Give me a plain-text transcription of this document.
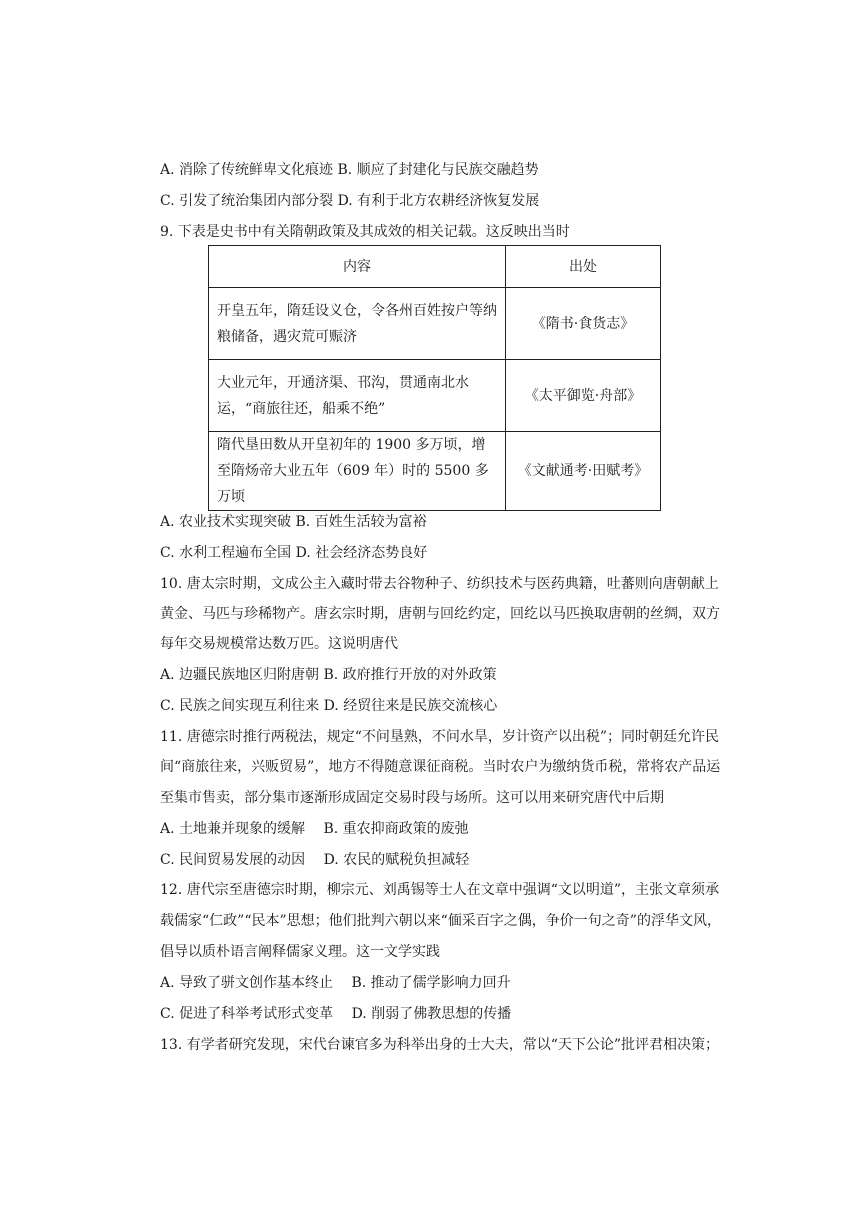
A. 消除了传统鲜卑文化痕迹 B. 顺应了封建化与民族交融趋势
C. 引发了统治集团内部分裂 D. 有利于北方农耕经济恢复发展
9. 下表是史书中有关隋朝政策及其成效的相关记载。这反映出当时
内容	出处
开皇五年，隋廷设义仓，令各州百姓按户等纳粮储备，遇灾荒可赈济	《隋书·食货志》
大业元年，开通济渠、邗沟，贯通南北水运，“商旅往还，船乘不绝”	《太平御览·舟部》
隋代垦田数从开皇初年的 1900 多万顷，增至隋炀帝大业五年（609 年）时的 5500 多万顷	《文献通考·田赋考》
A. 农业技术实现突破 B. 百姓生活较为富裕
C. 水利工程遍布全国 D. 社会经济态势良好
10. 唐太宗时期，文成公主入藏时带去谷物种子、纺织技术与医药典籍，吐蕃则向唐朝献上
黄金、马匹与珍稀物产。唐玄宗时期，唐朝与回纥约定，回纥以马匹换取唐朝的丝绸，双方
每年交易规模常达数万匹。这说明唐代
A. 边疆民族地区归附唐朝 B. 政府推行开放的对外政策
C. 民族之间实现互利往来 D. 经贸往来是民族交流核心
11. 唐德宗时推行两税法，规定“不问垦熟，不问水旱，岁计资产以出税”；同时朝廷允许民
间“商旅往来，兴贩贸易”，地方不得随意课征商税。当时农户为缴纳货币税，常将农产品运
至集市售卖，部分集市逐渐形成固定交易时段与场所。这可以用来研究唐代中后期
A. 土地兼并现象的缓解　 B. 重农抑商政策的废弛
C. 民间贸易发展的动因　 D. 农民的赋税负担减轻
12. 唐代宗至唐德宗时期，柳宗元、刘禹锡等士人在文章中强调“文以明道”，主张文章须承
载儒家“仁政”“民本”思想；他们批判六朝以来“偭采百字之偶，争价一句之奇”的浮华文风，
倡导以质朴语言阐释儒家义理。这一文学实践
A. 导致了骈文创作基本终止　 B. 推动了儒学影响力回升
C. 促进了科举考试形式变革　 D. 削弱了佛教思想的传播
13. 有学者研究发现，宋代台谏官多为科举出身的士大夫，常以“天下公论”批评君相决策；
